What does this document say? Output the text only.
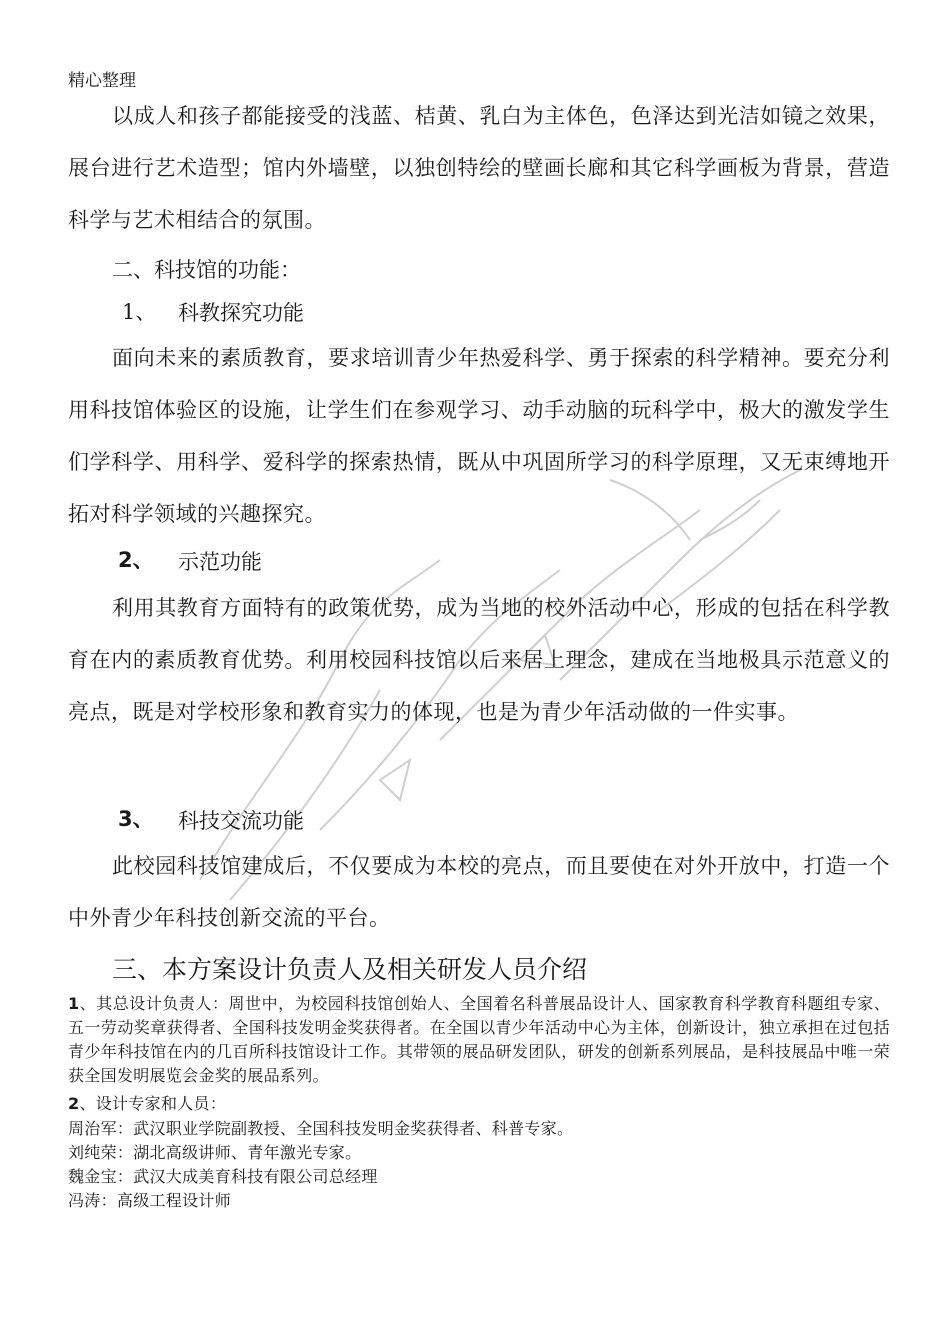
精心整理
以成人和孩子都能接受的浅蓝、桔黄、乳白为主体色，色泽达到光洁如镜之效果，展台进行艺术造型；馆内外墙壁，以独创特绘的壁画长廊和其它科学画板为背景，营造科学与艺术相结合的氛围。
二、科技馆的功能：
1、 科教探究功能
面向未来的素质教育，要求培训青少年热爱科学、勇于探索的科学精神。要充分利用科技馆体验区的设施，让学生们在参观学习、动手动脑的玩科学中，极大的激发学生们学科学、用科学、爱科学的探索热情，既从中巩固所学习的科学原理，又无束缚地开拓对科学领域的兴趣探究。
2、 示范功能
利用其教育方面特有的政策优势，成为当地的校外活动中心，形成的包括在科学教育在内的素质教育优势。利用校园科技馆以后来居上理念，建成在当地极具示范意义的亮点，既是对学校形象和教育实力的体现，也是为青少年活动做的一件实事。
3、 科技交流功能
此校园科技馆建成后，不仅要成为本校的亮点，而且要使在对外开放中，打造一个中外青少年科技创新交流的平台。
三、本方案设计负责人及相关研发人员介绍
1、其总设计负责人：周世中，为校园科技馆创始人、全国着名科普展品设计人、国家教育科学教育科题组专家、五一劳动奖章获得者、全国科技发明金奖获得者。在全国以青少年活动中心为主体，创新设计，独立承担在过包括青少年科技馆在内的几百所科技馆设计工作。其带领的展品研发团队，研发的创新系列展品，是科技展品中唯一荣获全国发明展览会金奖的展品系列。
2、设计专家和人员：
周治军：武汉职业学院副教授、全国科技发明金奖获得者、科普专家。
刘纯荣：湖北高级讲师、青年激光专家。
魏金宝：武汉大成美育科技有限公司总经理
冯涛：高级工程设计师
